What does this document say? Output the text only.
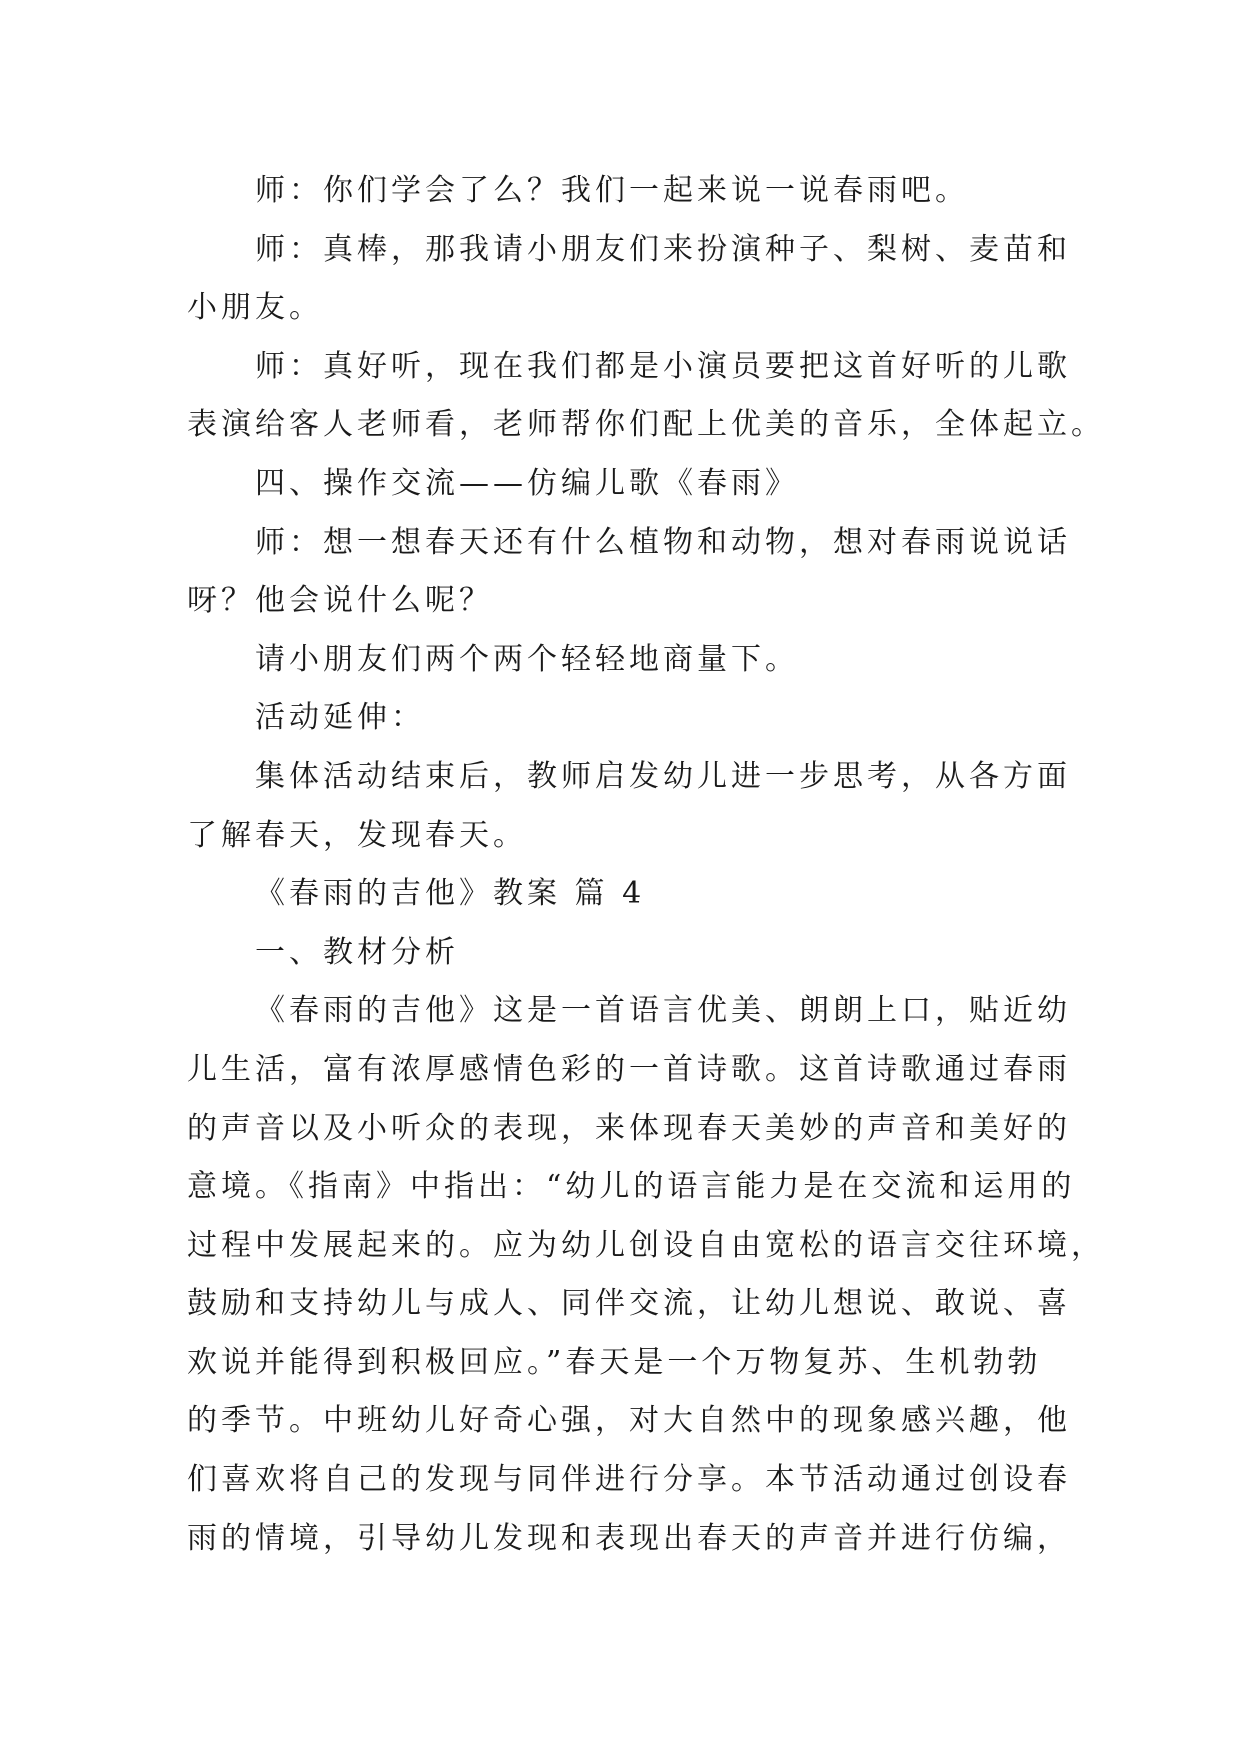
师：你们学会了么？我们一起来说一说春雨吧。
师：真棒，那我请小朋友们来扮演种子、梨树、麦苗和
小朋友。
师：真好听，现在我们都是小演员要把这首好听的儿歌
表演给客人老师看，老师帮你们配上优美的音乐，全体起立。
四、操作交流——仿编儿歌《春雨》
师：想一想春天还有什么植物和动物，想对春雨说说话
呀？他会说什么呢？
请小朋友们两个两个轻轻地商量下。
活动延伸：
集体活动结束后，教师启发幼儿进一步思考，从各方面
了解春天，发现春天。
《春雨的吉他》教案 篇 4
一、教材分析
《春雨的吉他》这是一首语言优美、朗朗上口，贴近幼
儿生活，富有浓厚感情色彩的一首诗歌。这首诗歌通过春雨
的声音以及小听众的表现，来体现春天美妙的声音和美好的
意境。《指南》中指出：“幼儿的语言能力是在交流和运用的
过程中发展起来的。应为幼儿创设自由宽松的语言交往环境，
鼓励和支持幼儿与成人、同伴交流，让幼儿想说、敢说、喜
欢说并能得到积极回应。”春天是一个万物复苏、生机勃勃
的季节。中班幼儿好奇心强，对大自然中的现象感兴趣，他
们喜欢将自己的发现与同伴进行分享。本节活动通过创设春
雨的情境，引导幼儿发现和表现出春天的声音并进行仿编，
